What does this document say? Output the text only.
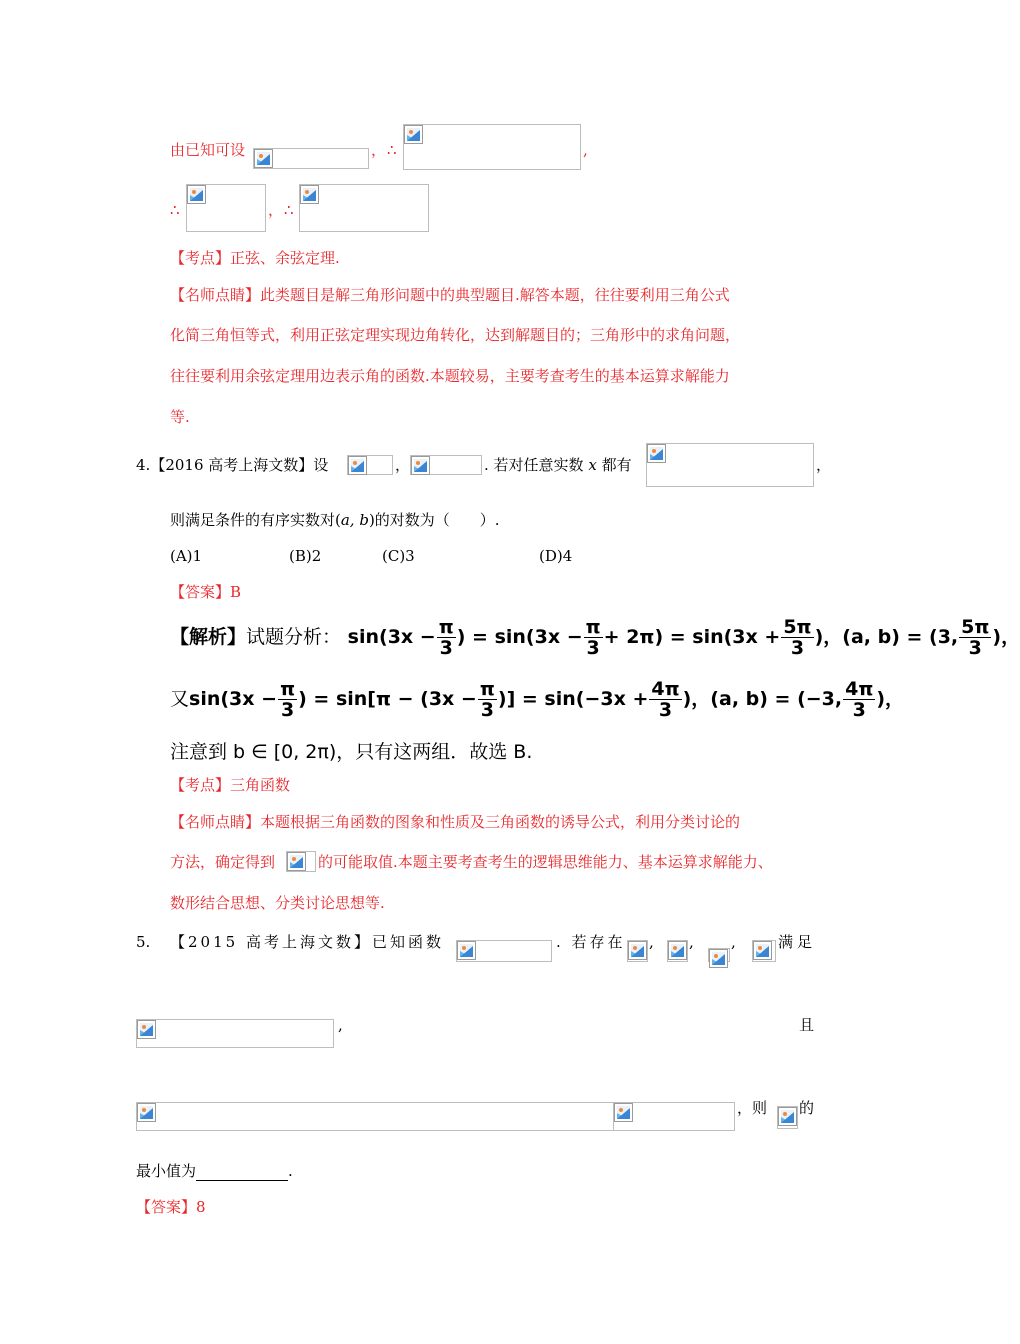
由已知可设	， ∴	,
∴	， ∴
【考点】正弦、余弦定理.
【名师点睛】此类题目是解三角形问题中的典型题目.解答本题，往往要利用三角公式
化简三角恒等式，利用正弦定理实现边角转化，达到解题目的；三角形中的求角问题，
往往要利用余弦定理用边表示角的函数.本题较易，主要考查考生的基本运算求解能力
等.
4.【2016 高考上海文数】设	，	. 若对任意实数 x 都有	，
则满足条件的有序实数对(a, b)的对数为（　　）.
(A)1	(B)2	(C)3	(D)4
【答案】B
【解析】试题分析： $\sin(3x - \frac{\pi}{3}$ ) = $\sin(3x - \frac{\pi}{3} + 2\pi) = \sin(3x + \frac{5\pi}{3}$ )，(a, b) = (3, $\frac{5\pi}{3}$ )，
又$\sin(3x - \frac{\pi}{3}$ ) = $\sin[\pi - (3x - \frac{\pi}{3}$ )] = $\sin(-3x + \frac{4\pi}{3}$ )，(a, b) = (−3, $\frac{4\pi}{3}$ )，
注意到 b ∈ [0, 2π)，只有这两组．故选 B.
【考点】三角函数
【名师点睛】本题根据三角函数的图象和性质及三角函数的诱导公式，利用分类讨论的
方法，确定得到	的可能取值.本题主要考查考生的逻辑思维能力、基本运算求解能力、
数形结合思想、分类讨论思想等.
5. 【2015 高考上海文数】已知函数	. 若存在 , , ,	满足
,	且
，则 的
最小值为	.
【答案】8
